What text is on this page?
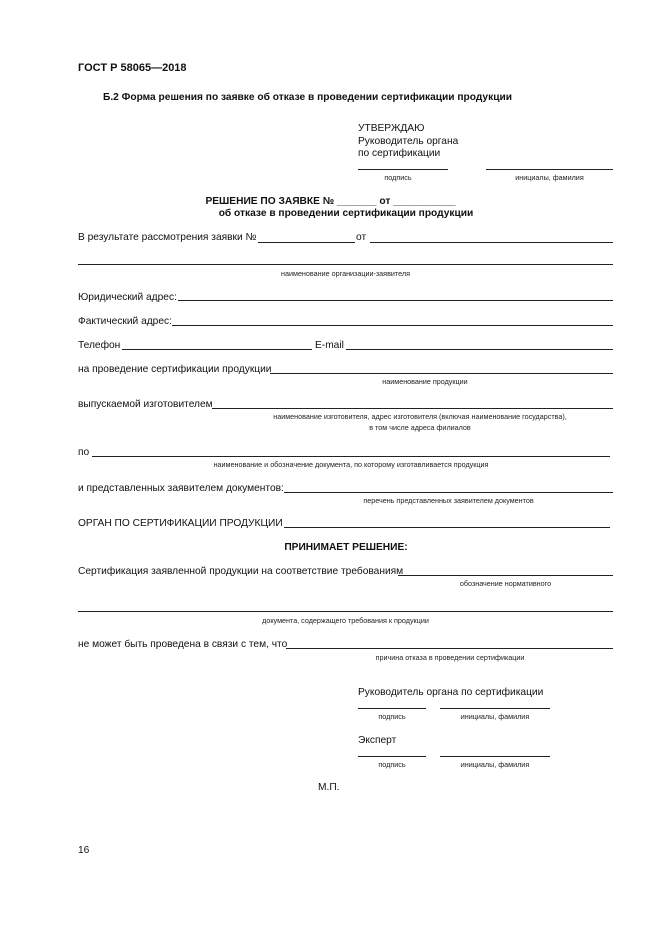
ГОСТ Р 58065—2018
Б.2 Форма решения по заявке об отказе в проведении сертификации продукции
УТВЕРЖДАЮ
Руководитель органа
по сертификации
подпись	инициалы, фамилия
РЕШЕНИЕ ПО ЗАЯВКЕ № _______ от ___________
об отказе в проведении сертификации продукции
В результате рассмотрения заявки №	от
наименование организации-заявителя
Юридический адрес:
Фактический адрес:
Телефон	E-mail
на проведение сертификации продукции
наименование продукции
выпускаемой изготовителем
наименование изготовителя, адрес изготовителя (включая наименование государства),
в том числе адреса филиалов
по
наименование и обозначение документа, по которому изготавливается продукция
и представленных заявителем документов:
перечень представленных заявителем документов
ОРГАН ПО СЕРТИФИКАЦИИ ПРОДУКЦИИ
ПРИНИМАЕТ РЕШЕНИЕ:
Сертификация заявленной продукции на соответствие требованиям
обозначение нормативного
документа, содержащего требования к продукции
не может быть проведена в связи с тем, что
причина отказа в проведении сертификации
Руководитель органа по сертификации
подпись	инициалы, фамилия
Эксперт
подпись	инициалы, фамилия
М.П.
16
